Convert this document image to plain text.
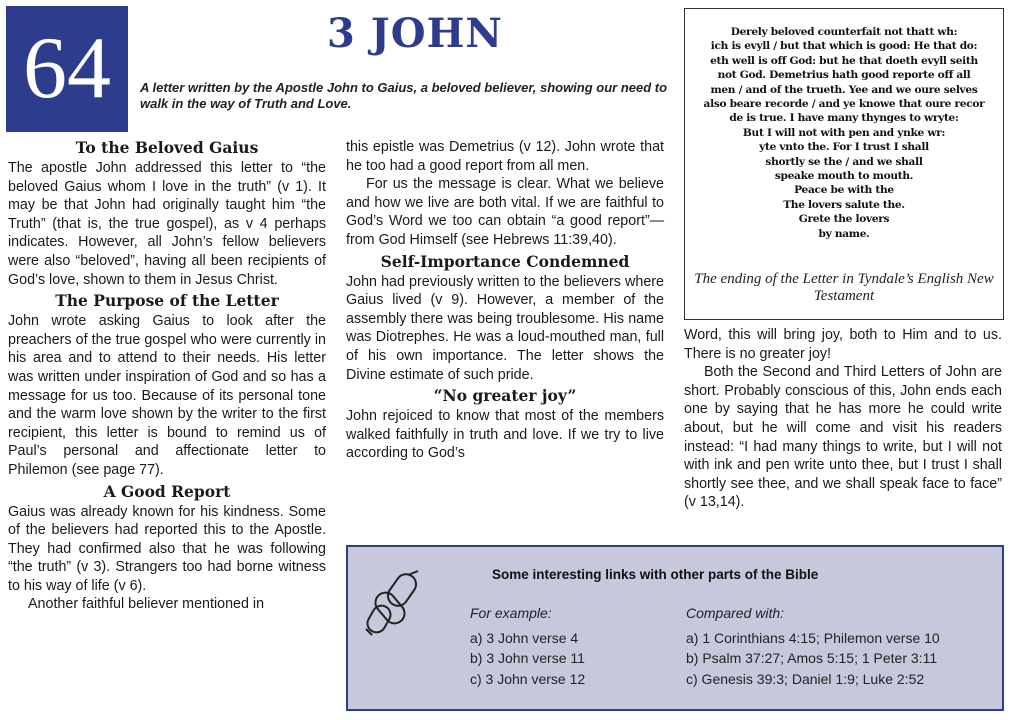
64	3 JOHN
A letter written by the Apostle John to Gaius, a beloved believer, showing our need to walk in the way of Truth and Love.
To the Beloved Gaius

The apostle John addressed this letter to “the beloved Gaius whom I love in the truth” (v 1). It may be that John had originally taught him “the Truth” (that is, the true gospel), as v 4 perhaps indicates. However, all John’s fellow believers were also “beloved”, having all been recipients of God’s love, shown to them in Jesus Christ.

The Purpose of the Letter

John wrote asking Gaius to look after the preachers of the true gospel who were currently in his area and to attend to their needs. His letter was written under inspiration of God and so has a message for us too. Because of its personal tone and the warm love shown by the writer to the first recipient, this letter is bound to remind us of Paul’s personal and affectionate letter to Philemon (see page 77).

A Good Report

Gaius was already known for his kindness. Some of the believers had reported this to the Apostle. They had confirmed also that he was following “the truth” (v 3). Strangers too had borne witness to his way of life (v 6).

Another faithful believer mentioned in

this epistle was Demetrius (v 12). John wrote that he too had a good report from all men.

For us the message is clear. What we believe and how we live are both vital. If we are faithful to God’s Word we too can obtain “a good report”—from God Himself (see Hebrews 11:39,40).

Self-Importance Condemned

John had previously written to the believers where Gaius lived (v 9). However, a member of the assembly there was being troublesome. His name was Diotrephes. He was a loud-mouthed man, full of his own importance. The letter shows the Divine estimate of such pride.

“No greater joy”

John rejoiced to know that most of the members walked faithfully in truth and love. If we try to live according to God’s

Word, this will bring joy, both to Him and to us. There is no greater joy!

Both the Second and Third Letters of John are short. Probably conscious of this, John ends each one by saying that he has more he could write about, but he will come and visit his readers instead: “I had many things to write, but I will not with ink and pen write unto thee, but I trust I shall shortly see thee, and we shall speak face to face” (v 13,14).

Derely beloved counterfait not thatt wh:
ich is evyll / but that which is good: He that do:
eth well is off God: but he that doeth evyll seith
not God. Demetrius hath good reporte off all
men / and of the trueth. Yee and we oure selves
also beare recorde / and ye knowe that oure recor
de is true. I have many thynges to wryte:
But I will not with pen and ynke wr:
yte vnto the. For I trust I shall
shortly se the / and we shall
speake mouth to mouth.
Peace be with the
The lovers salute the.
Grete the lovers
by name.
The ending of the Letter in Tyndale’s English New Testament
Some interesting links with other parts of the Bible
For example:
a) 3 John verse 4
b) 3 John verse 11
c) 3 John verse 12
Compared with:
a) 1 Corinthians 4:15; Philemon verse 10
b) Psalm 37:27; Amos 5:15; 1 Peter 3:11
c) Genesis 39:3; Daniel 1:9; Luke 2:52
